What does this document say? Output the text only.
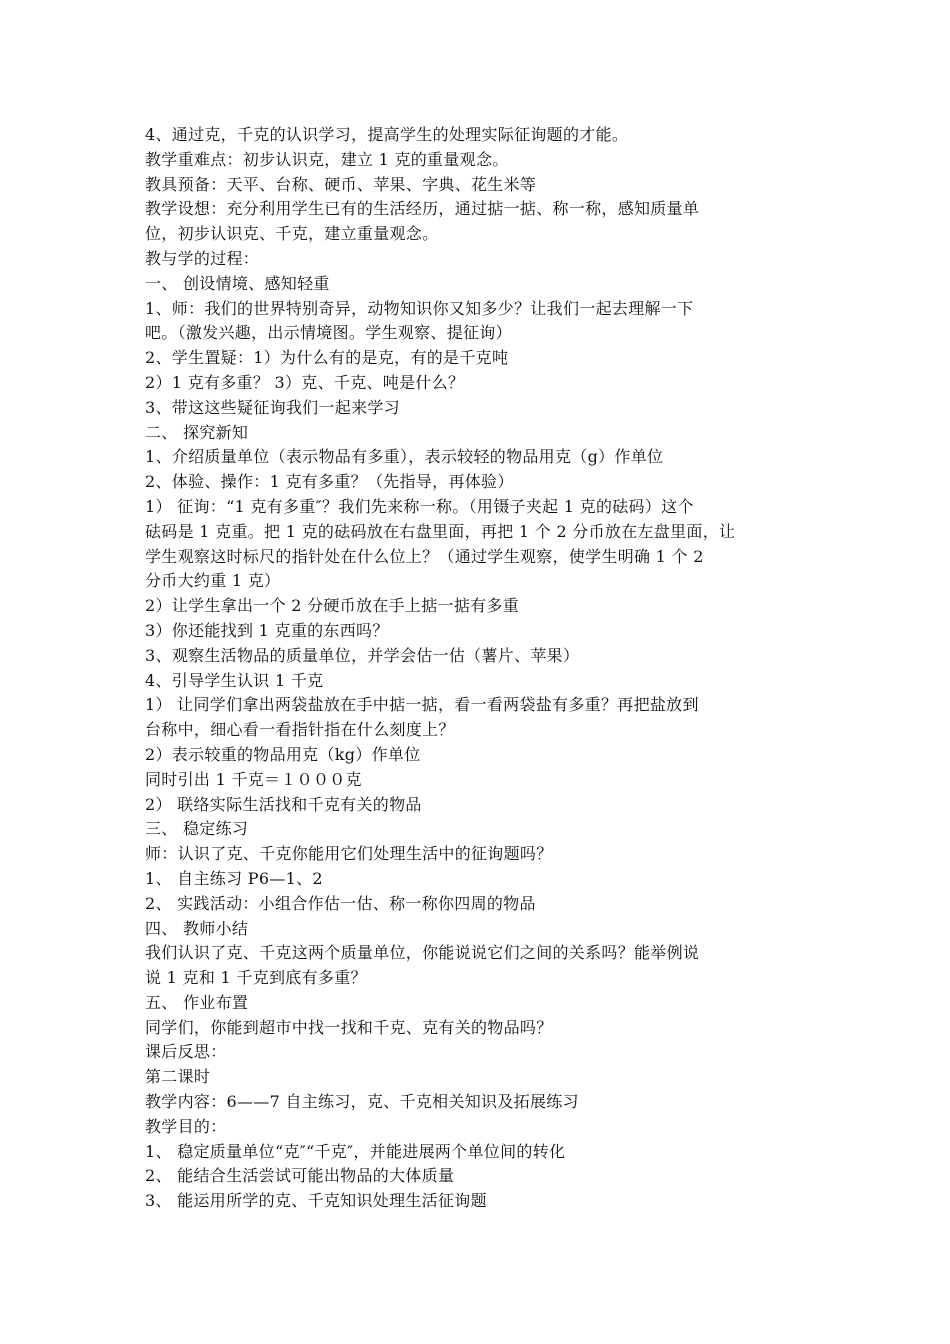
4、通过克，千克的认识学习，提高学生的处理实际征询题的才能。
教学重难点：初步认识克，建立 1 克的重量观念。
教具预备：天平、台称、硬币、苹果、字典、花生米等
教学设想：充分利用学生已有的生活经历，通过掂一掂、称一称，感知质量单
位，初步认识克、千克，建立重量观念。
教与学的过程：
一、 创设情境、感知轻重
1、师：我们的世界特别奇异，动物知识你又知多少？让我们一起去理解一下
吧。（激发兴趣，出示情境图。学生观察、提征询）
2、学生置疑：1）为什么有的是克，有的是千克吨
2）1 克有多重？ 3）克、千克、吨是什么？
3、带这这些疑征询我们一起来学习
二、 探究新知
1、介绍质量单位（表示物品有多重），表示较轻的物品用克（g）作单位
2、体验、操作：1 克有多重？（先指导，再体验）
1） 征询：“1 克有多重″？我们先来称一称。（用镊子夹起 1 克的砝码）这个
砝码是 1 克重。把 1 克的砝码放在右盘里面，再把 1 个 2 分币放在左盘里面，让
学生观察这时标尺的指针处在什么位上？（通过学生观察，使学生明确 1 个 2
分币大约重 1 克）
2）让学生拿出一个 2 分硬币放在手上掂一掂有多重
3）你还能找到 1 克重的东西吗？
3、观察生活物品的质量单位，并学会估一估（薯片、苹果）
4、引导学生认识 1 千克
1） 让同学们拿出两袋盐放在手中掂一掂，看一看两袋盐有多重？再把盐放到
台称中，细心看一看指针指在什么刻度上？
2）表示较重的物品用克（kg）作单位
同时引出 1 千克＝１０００克
2） 联络实际生活找和千克有关的物品
三、 稳定练习
师：认识了克、千克你能用它们处理生活中的征询题吗？
1、 自主练习 P6—1、2
2、 实践活动：小组合作估一估、称一称你四周的物品
四、 教师小结
我们认识了克、千克这两个质量单位，你能说说它们之间的关系吗？能举例说
说 1 克和 1 千克到底有多重？
五、 作业布置
同学们，你能到超市中找一找和千克、克有关的物品吗？
课后反思：
第二课时
教学内容：6——7 自主练习，克、千克相关知识及拓展练习
教学目的：
1、 稳定质量单位“克″“千克″，并能进展两个单位间的转化
2、 能结合生活尝试可能出物品的大体质量
3、 能运用所学的克、千克知识处理生活征询题
